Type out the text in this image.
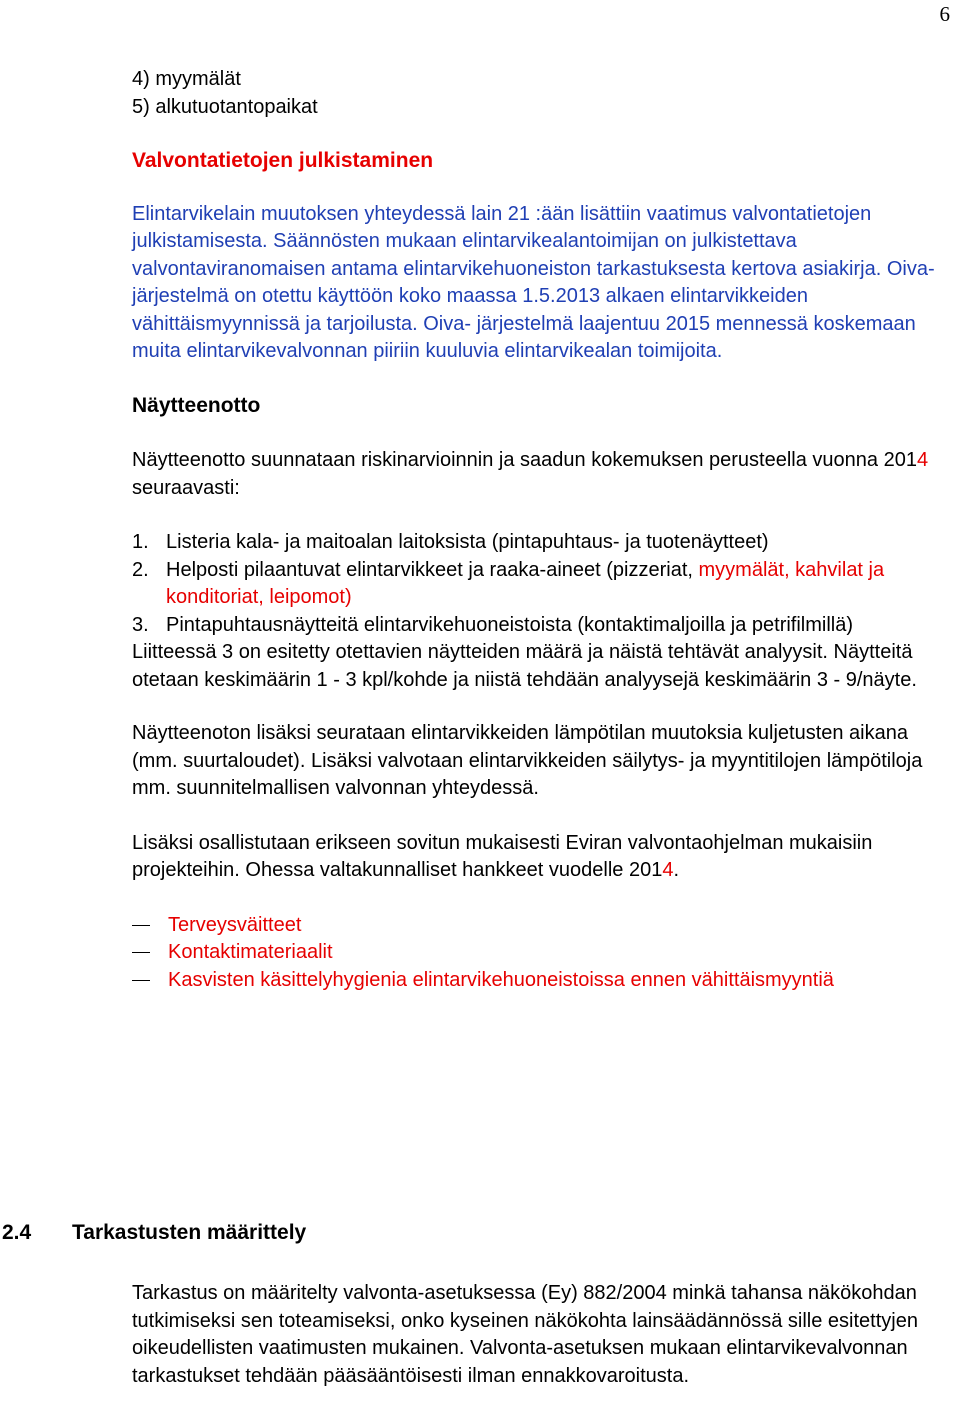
6

4) myymälät

5) alkutuotantopaikat

Valvontatietojen julkistaminen

Elintarvikelain muutoksen yhteydessä lain 21 :ään lisättiin vaatimus valvontatietojen julkistamisesta. Säännösten mukaan elintarvikealantoimijan on julkistettava valvontaviranomaisen antama elintarvikehuoneiston tarkastuksesta kertova asiakirja. Oiva- järjestelmä on otettu käyttöön koko maassa 1.5.2013 alkaen elintarvikkeiden vähittäismyynnissä ja tarjoilusta. Oiva- järjestelmä laajentuu 2015 mennessä koskemaan muita elintarvikevalvonnan piiriin kuuluvia elintarvikealan toimijoita.

Näytteenotto

Näytteenotto suunnataan riskinarvioinnin ja saadun kokemuksen perusteella vuonna 2014 seuraavasti:

1. Listeria kala- ja maitoalan laitoksista (pintapuhtaus- ja tuotenäytteet)
2. Helposti pilaantuvat elintarvikkeet ja raaka-aineet (pizzeriat, myymälät, kahvilat ja konditoriat, leipomot)
3. Pintapuhtausnäytteitä elintarvikehuoneistoista (kontaktimaljoilla ja petrifilmillä)

Liitteessä 3 on esitetty otettavien näytteiden määrä ja näistä tehtävät analyysit. Näytteitä otetaan keskimäärin 1 - 3 kpl/kohde ja niistä tehdään analyysejä keskimäärin 3 - 9/näyte.

Näytteenoton lisäksi seurataan elintarvikkeiden lämpötilan muutoksia kuljetusten aikana (mm. suurtaloudet). Lisäksi valvotaan elintarvikkeiden säilytys- ja myyntitilojen lämpötiloja mm. suunnitelmallisen valvonnan yhteydessä.

Lisäksi osallistutaan erikseen sovitun mukaisesti Eviran valvontaohjelman mukaisiin projekteihin. Ohessa valtakunnalliset hankkeet vuodelle 2014.

Terveysväitteet
Kontaktimateriaalit
Kasvisten käsittelyhygienia elintarvikehuoneistoissa ennen vähittäismyyntiä
2.4 Tarkastusten määrittely

Tarkastus on määritelty valvonta-asetuksessa (Ey) 882/2004 minkä tahansa näkökohdan tutkimiseksi sen toteamiseksi, onko kyseinen näkökohta lainsäädännössä sille esitettyjen oikeudellisten vaatimusten mukainen. Valvonta-asetuksen mukaan elintarvikevalvonnan tarkastukset tehdään pääsääntöisesti ilman ennakkovaroitusta.
